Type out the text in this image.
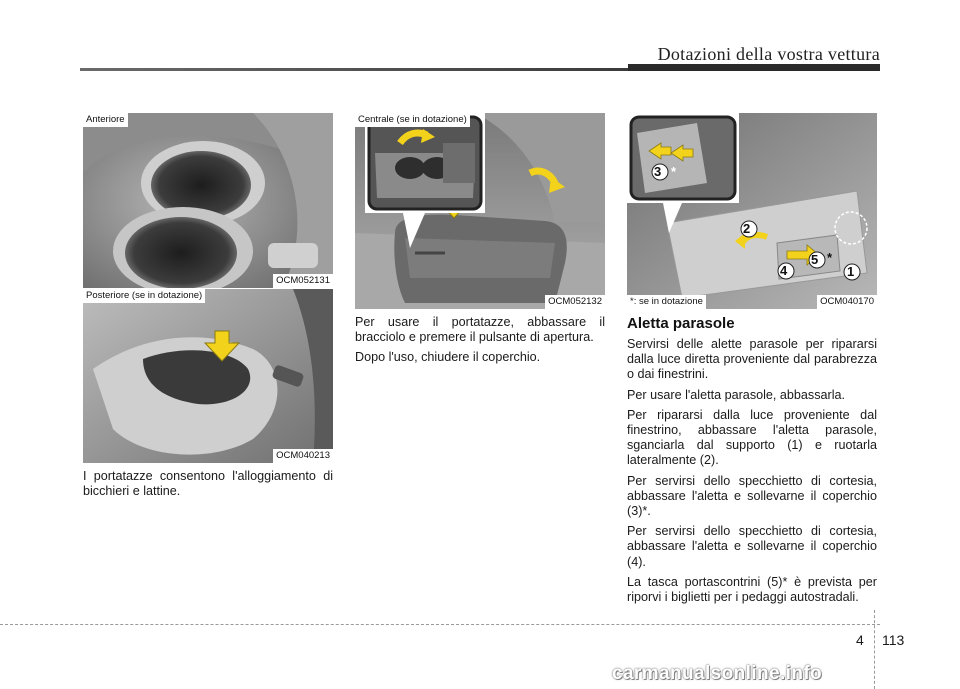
Dotazioni della vostra vettura
Anteriore
OCM052131
Posteriore (se in dotazione)
OCM040213
Centrale (se in dotazione)
OCM052132
3 *
2
4
5 *
1
*: se in dotazione	OCM040170

I portatazze consentono l'alloggiamento di bicchieri e lattine.

Per usare il portatazze, abbassare il bracciolo e premere il pulsante di apertura.

Dopo l'uso, chiudere il coperchio.

Aletta parasole

Servirsi delle alette parasole per ripararsi dalla luce diretta proveniente dal parabrezza o dai finestrini.

Per usare l'aletta parasole, abbassarla.

Per ripararsi dalla luce proveniente dal finestrino, abbassare l'aletta parasole, sganciarla dal supporto (1) e ruotarla lateralmente (2).

Per servirsi dello specchietto di cortesia, abbassare l'aletta e sollevarne il coperchio (3)*.

Per servirsi dello specchietto di cortesia, abbassare l'aletta e sollevarne il coperchio (4).

La tasca portascontrini (5)* è prevista per riporvi i biglietti per i pedaggi autostradali.

4 113
carmanualsonline.info
